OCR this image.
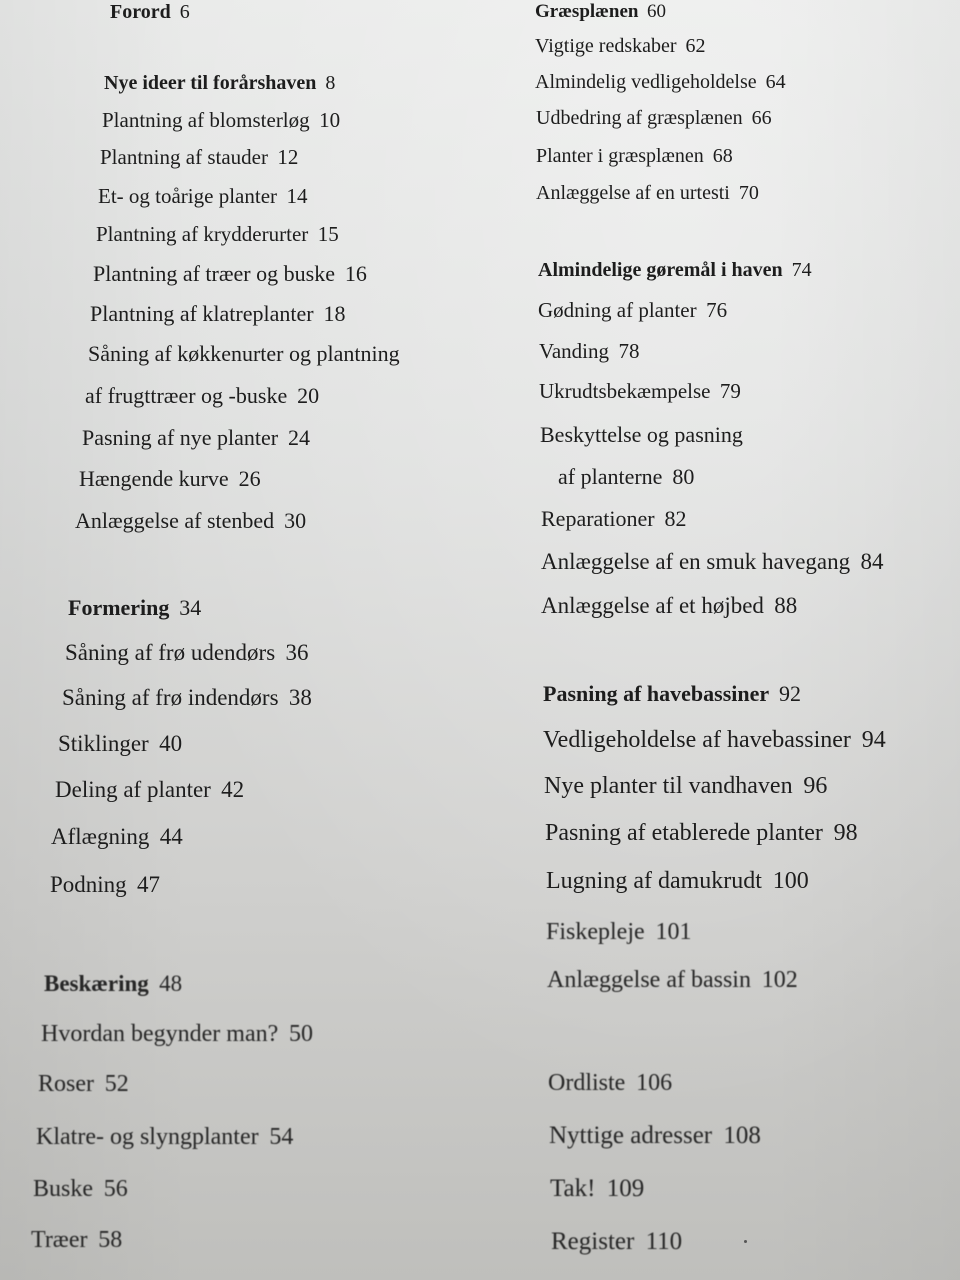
Forord 6
Nye ideer til forårshaven 8
Plantning af blomsterløg 10
Plantning af stauder 12
Et- og toårige planter 14
Plantning af krydderurter 15
Plantning af træer og buske 16
Plantning af klatreplanter 18
Såning af køkkenurter og plantning
af frugttræer og -buske 20
Pasning af nye planter 24
Hængende kurve 26
Anlæggelse af stenbed 30
Formering 34
Såning af frø udendørs 36
Såning af frø indendørs 38
Stiklinger 40
Deling af planter 42
Aflægning 44
Podning 47
Beskæring 48
Hvordan begynder man? 50
Roser 52
Klatre- og slyngplanter 54
Buske 56
Træer 58
Græsplænen 60
Vigtige redskaber 62
Almindelig vedligeholdelse 64
Udbedring af græsplænen 66
Planter i græsplænen 68
Anlæggelse af en urtesti 70
Almindelige gøremål i haven 74
Gødning af planter 76
Vanding 78
Ukrudtsbekæmpelse 79
Beskyttelse og pasning
af planterne 80
Reparationer 82
Anlæggelse af en smuk havegang 84
Anlæggelse af et højbed 88
Pasning af havebassiner 92
Vedligeholdelse af havebassiner 94
Nye planter til vandhaven 96
Pasning af etablerede planter 98
Lugning af damukrudt 100
Fiskepleje 101
Anlæggelse af bassin 102
Ordliste 106
Nyttige adresser 108
Tak! 109
Register 110
